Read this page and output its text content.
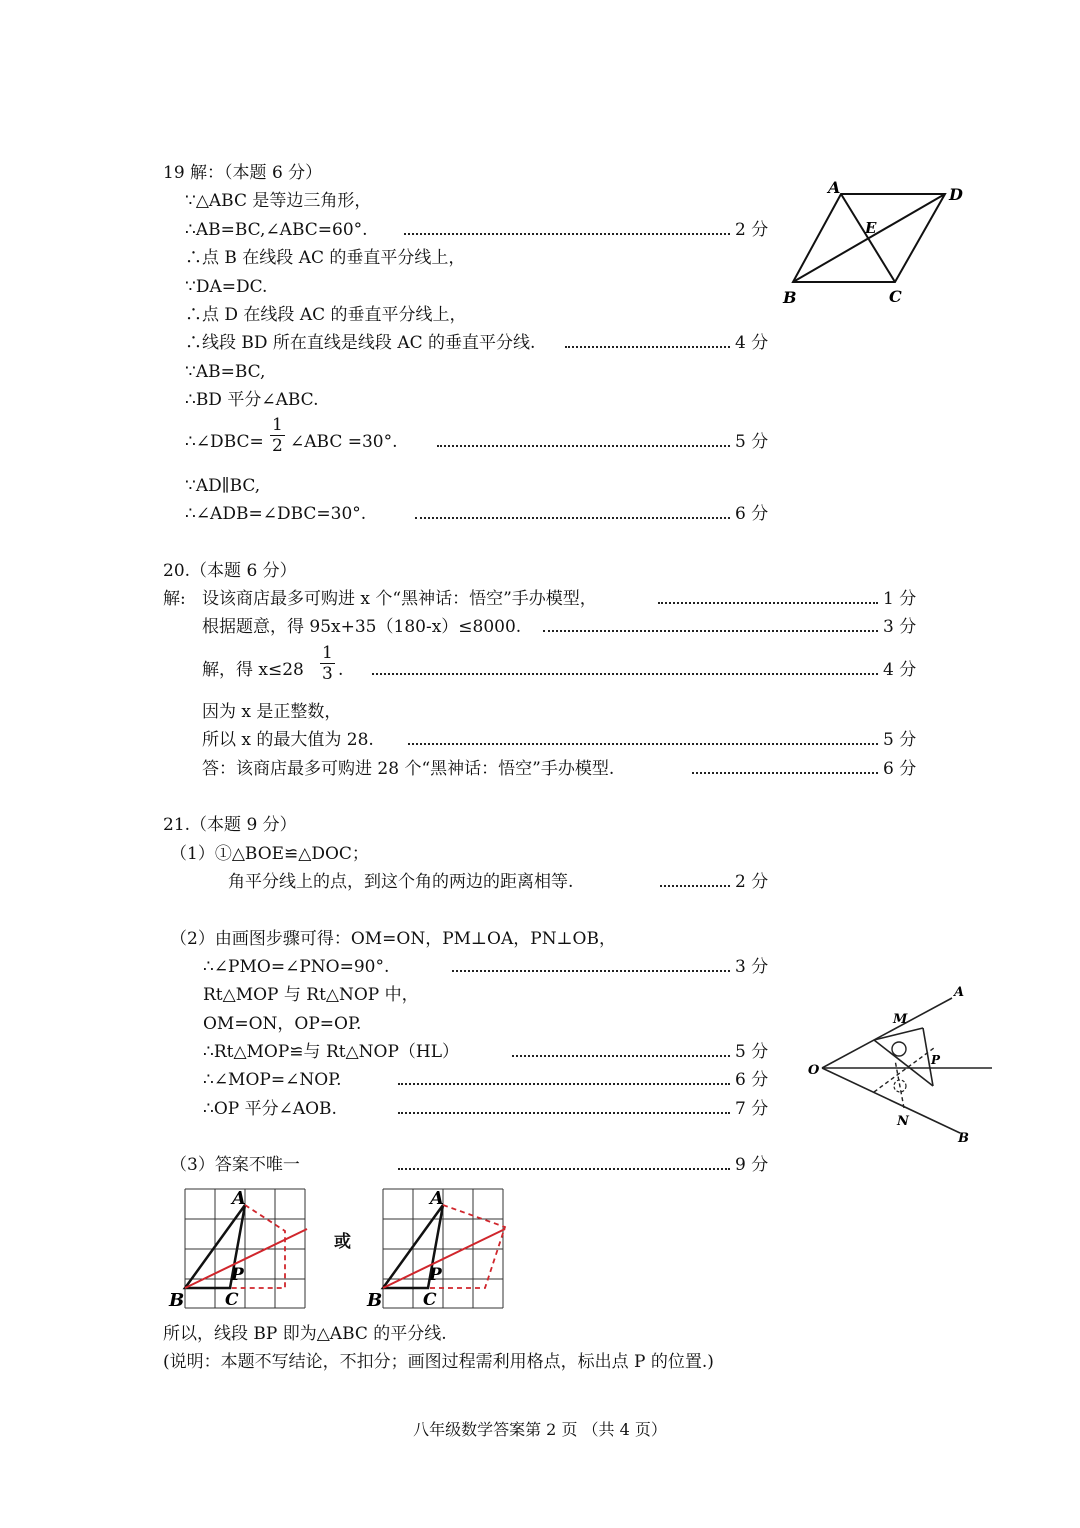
19 解：（本题 6 分）
∵△ABC 是等边三角形，
∴AB=BC,∠ABC=60°.	2 分
∴点 B 在线段 AC 的垂直平分线上，
∵DA=DC.
∴点 D 在线段 AC 的垂直平分线上，
∴线段 BD 所在直线是线段 AC 的垂直平分线.	4 分
∵AB=BC,
∴BD 平分∠ABC.
∴∠DBC= $\frac{1}{2}$ ∠ABC =30°.	5 分
∵AD∥BC,
∴∠ADB=∠DBC=30°.	6 分
A	D
E
B	C
20.（本题 6 分）
解: 设该商店最多可购进 x 个“黑神话：悟空”手办模型，	1 分
根据题意，得 95x+35（180-x）≤8000.	3 分
解，得 $x\le 28 \frac{1}{3}$ .	4 分
因为 x 是正整数，
所以 x 的最大值为 28.	5 分
答：该商店最多可购进 28 个“黑神话：悟空”手办模型.	6 分
21.（本题 9 分）
（1）①△BOE≌△DOC；
角平分线上的点，到这个角的两边的距离相等.	2 分
（2）由画图步骤可得：OM=ON，PM⊥OA，PN⊥OB，
∴∠PMO=∠PNO=90°.	3 分
Rt△MOP 与 Rt△NOP 中，
OM=ON，OP=OP.
∴Rt△MOP≌与 Rt△NOP（HL）	5 分
∴∠MOP=∠NOP.	6 分
∴OP 平分∠AOB.	7 分
（3）答案不唯一	9 分
A
M
O
P
N
B
A
P
B C
或
A
P
B C
所以，线段 BP 即为△ABC 的平分线.
(说明：本题不写结论，不扣分；画图过程需利用格点，标出点 P 的位置.)
八年级数学答案第 2 页 （共 4 页）
